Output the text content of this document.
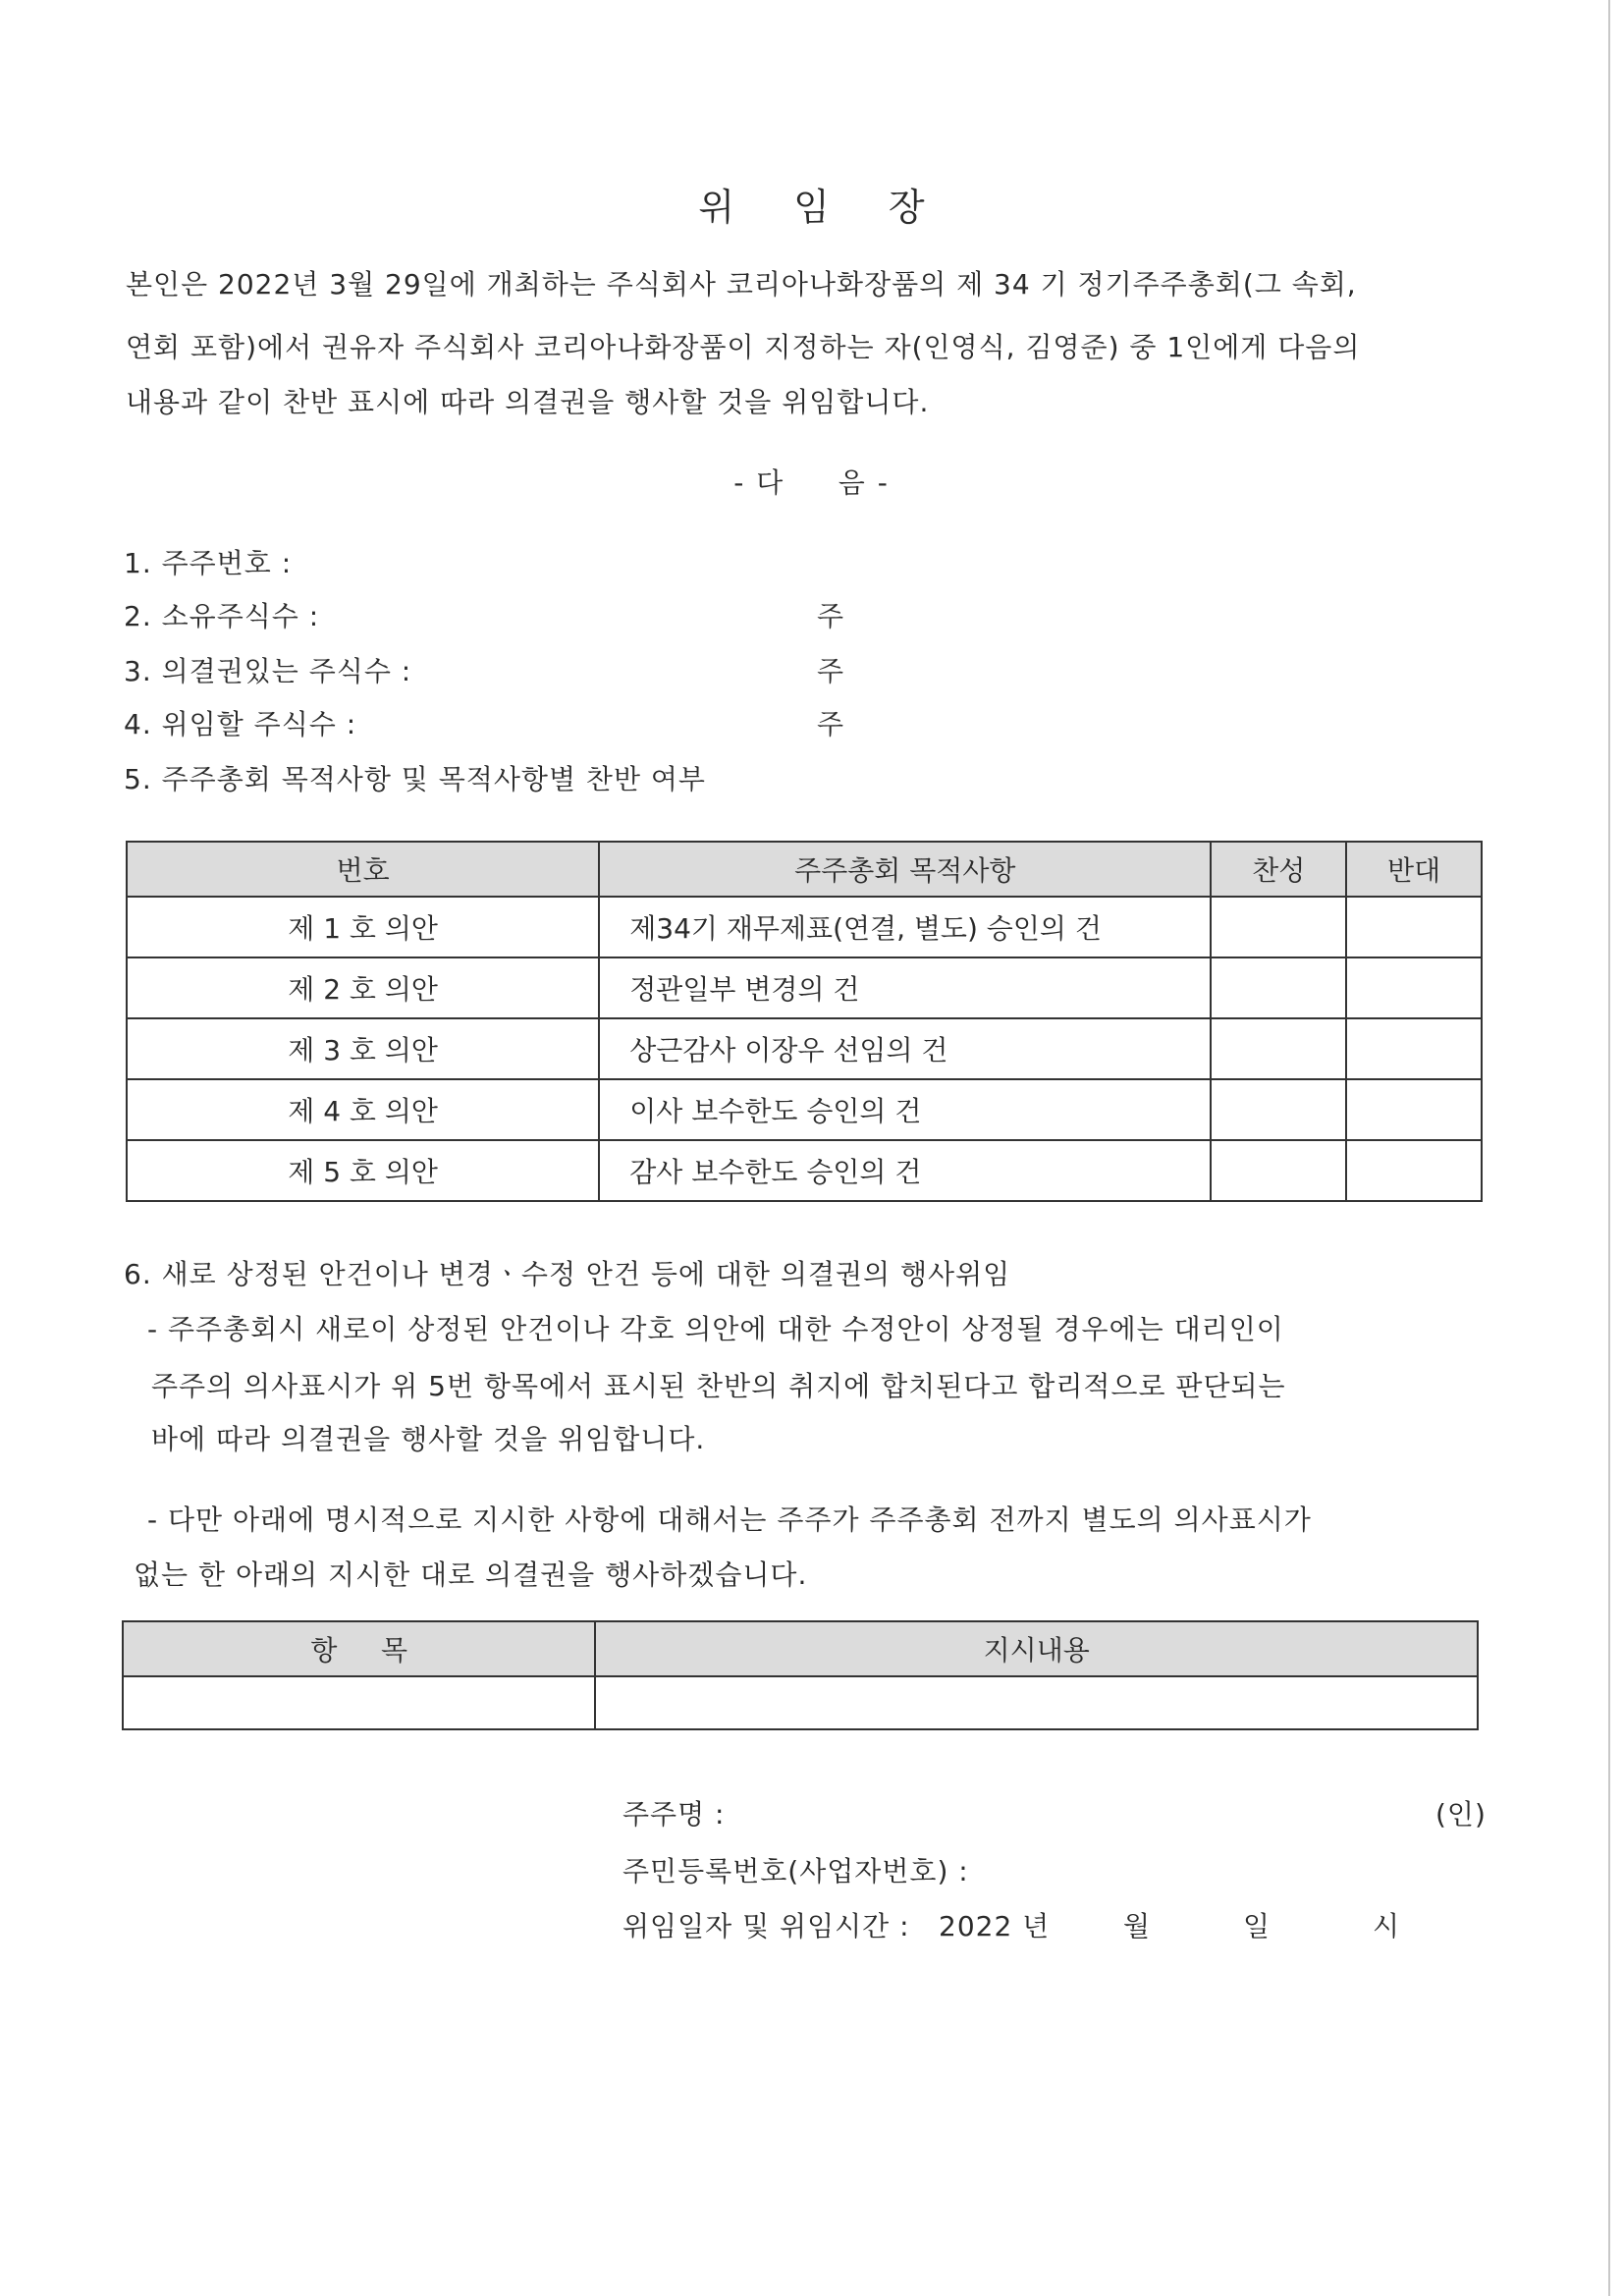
위 임 장
본인은 2022년 3월 29일에 개최하는 주식회사 코리아나화장품의 제 34 기 정기주주총회(그 속회,
연회 포함)에서 권유자 주식회사 코리아나화장품이 지정하는 자(인영식, 김영준) 중 1인에게 다음의
내용과 같이 찬반 표시에 따라 의결권을 행사할 것을 위임합니다.
- 다     음 -
1. 주주번호 :
2. 소유주식수 :	주
3. 의결권있는 주식수 :	주
4. 위임할 주식수 :	주
5. 주주총회 목적사항 및 목적사항별 찬반 여부
번호	주주총회 목적사항	찬성	반대
제 1 호 의안	제34기 재무제표(연결, 별도) 승인의 건		
제 2 호 의안	정관일부 변경의 건		
제 3 호 의안	상근감사 이장우 선임의 건		
제 4 호 의안	이사 보수한도 승인의 건		
제 5 호 의안	감사 보수한도 승인의 건		
6. 새로 상정된 안건이나 변경ㆍ수정 안건 등에 대한 의결권의 행사위임
- 주주총회시 새로이 상정된 안건이나 각호 의안에 대한 수정안이 상정될 경우에는 대리인이
주주의 의사표시가 위 5번 항목에서 표시된 찬반의 취지에 합치된다고 합리적으로 판단되는
바에 따라 의결권을 행사할 것을 위임합니다.
- 다만 아래에 명시적으로 지시한 사항에 대해서는 주주가 주주총회 전까지 별도의 의사표시가
없는 한 아래의 지시한 대로 의결권을 행사하겠습니다.
항     목	지시내용

주주명 :	(인)
주민등록번호(사업자번호) :
위임일자 및 위임시간 : 2022 년	월	일	시
